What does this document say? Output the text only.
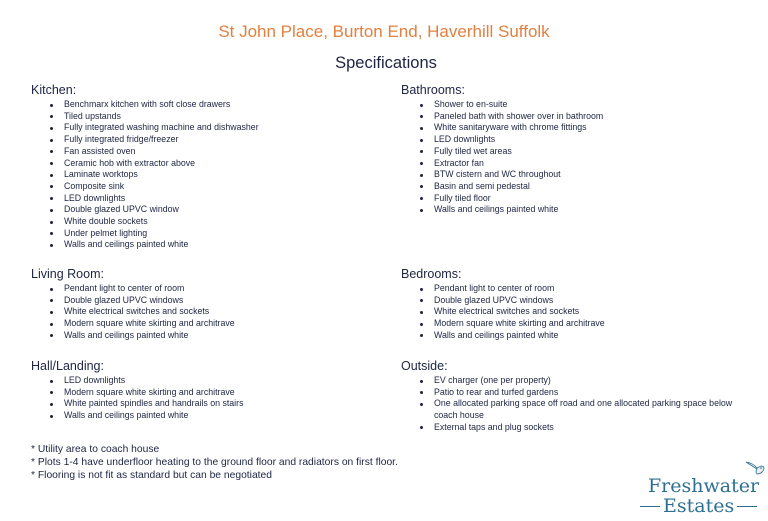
St John Place, Burton End, Haverhill Suffolk
Specifications
Kitchen:
Benchmarx kitchen with soft close drawers
Tiled upstands
Fully integrated washing machine and dishwasher
Fully integrated fridge/freezer
Fan assisted oven
Ceramic hob with extractor above
Laminate worktops
Composite sink
LED downlights
Double glazed UPVC window
White double sockets
Under pelmet lighting
Walls and ceilings painted white
Living Room:
Pendant light to center of room
Double glazed UPVC windows
White electrical switches and sockets
Modern square white skirting and architrave
Walls and ceilings painted white
Hall/Landing:
LED downlights
Modern square white skirting and architrave
White painted spindles and handrails on stairs
Walls and ceilings painted white
Bathrooms:
Shower to en-suite
Paneled bath with shower over in bathroom
White sanitaryware with chrome fittings
LED downlights
Fully tiled wet areas
Extractor fan
BTW cistern and WC throughout
Basin and semi pedestal
Fully tiled floor
Walls and ceilings painted white
Bedrooms:
Pendant light to center of room
Double glazed UPVC windows
White electrical switches and sockets
Modern square white skirting and architrave
Walls and ceilings painted white
Outside:
EV charger (one per property)
Patio to rear and turfed gardens
One allocated parking space off road and one allocated parking space below coach house
External taps and plug sockets
* Utility area to coach house
* Plots 1-4 have underfloor heating to the ground floor and radiators on first floor.
* Flooring is not fit as standard but can be negotiated	Freshwater
Estates
